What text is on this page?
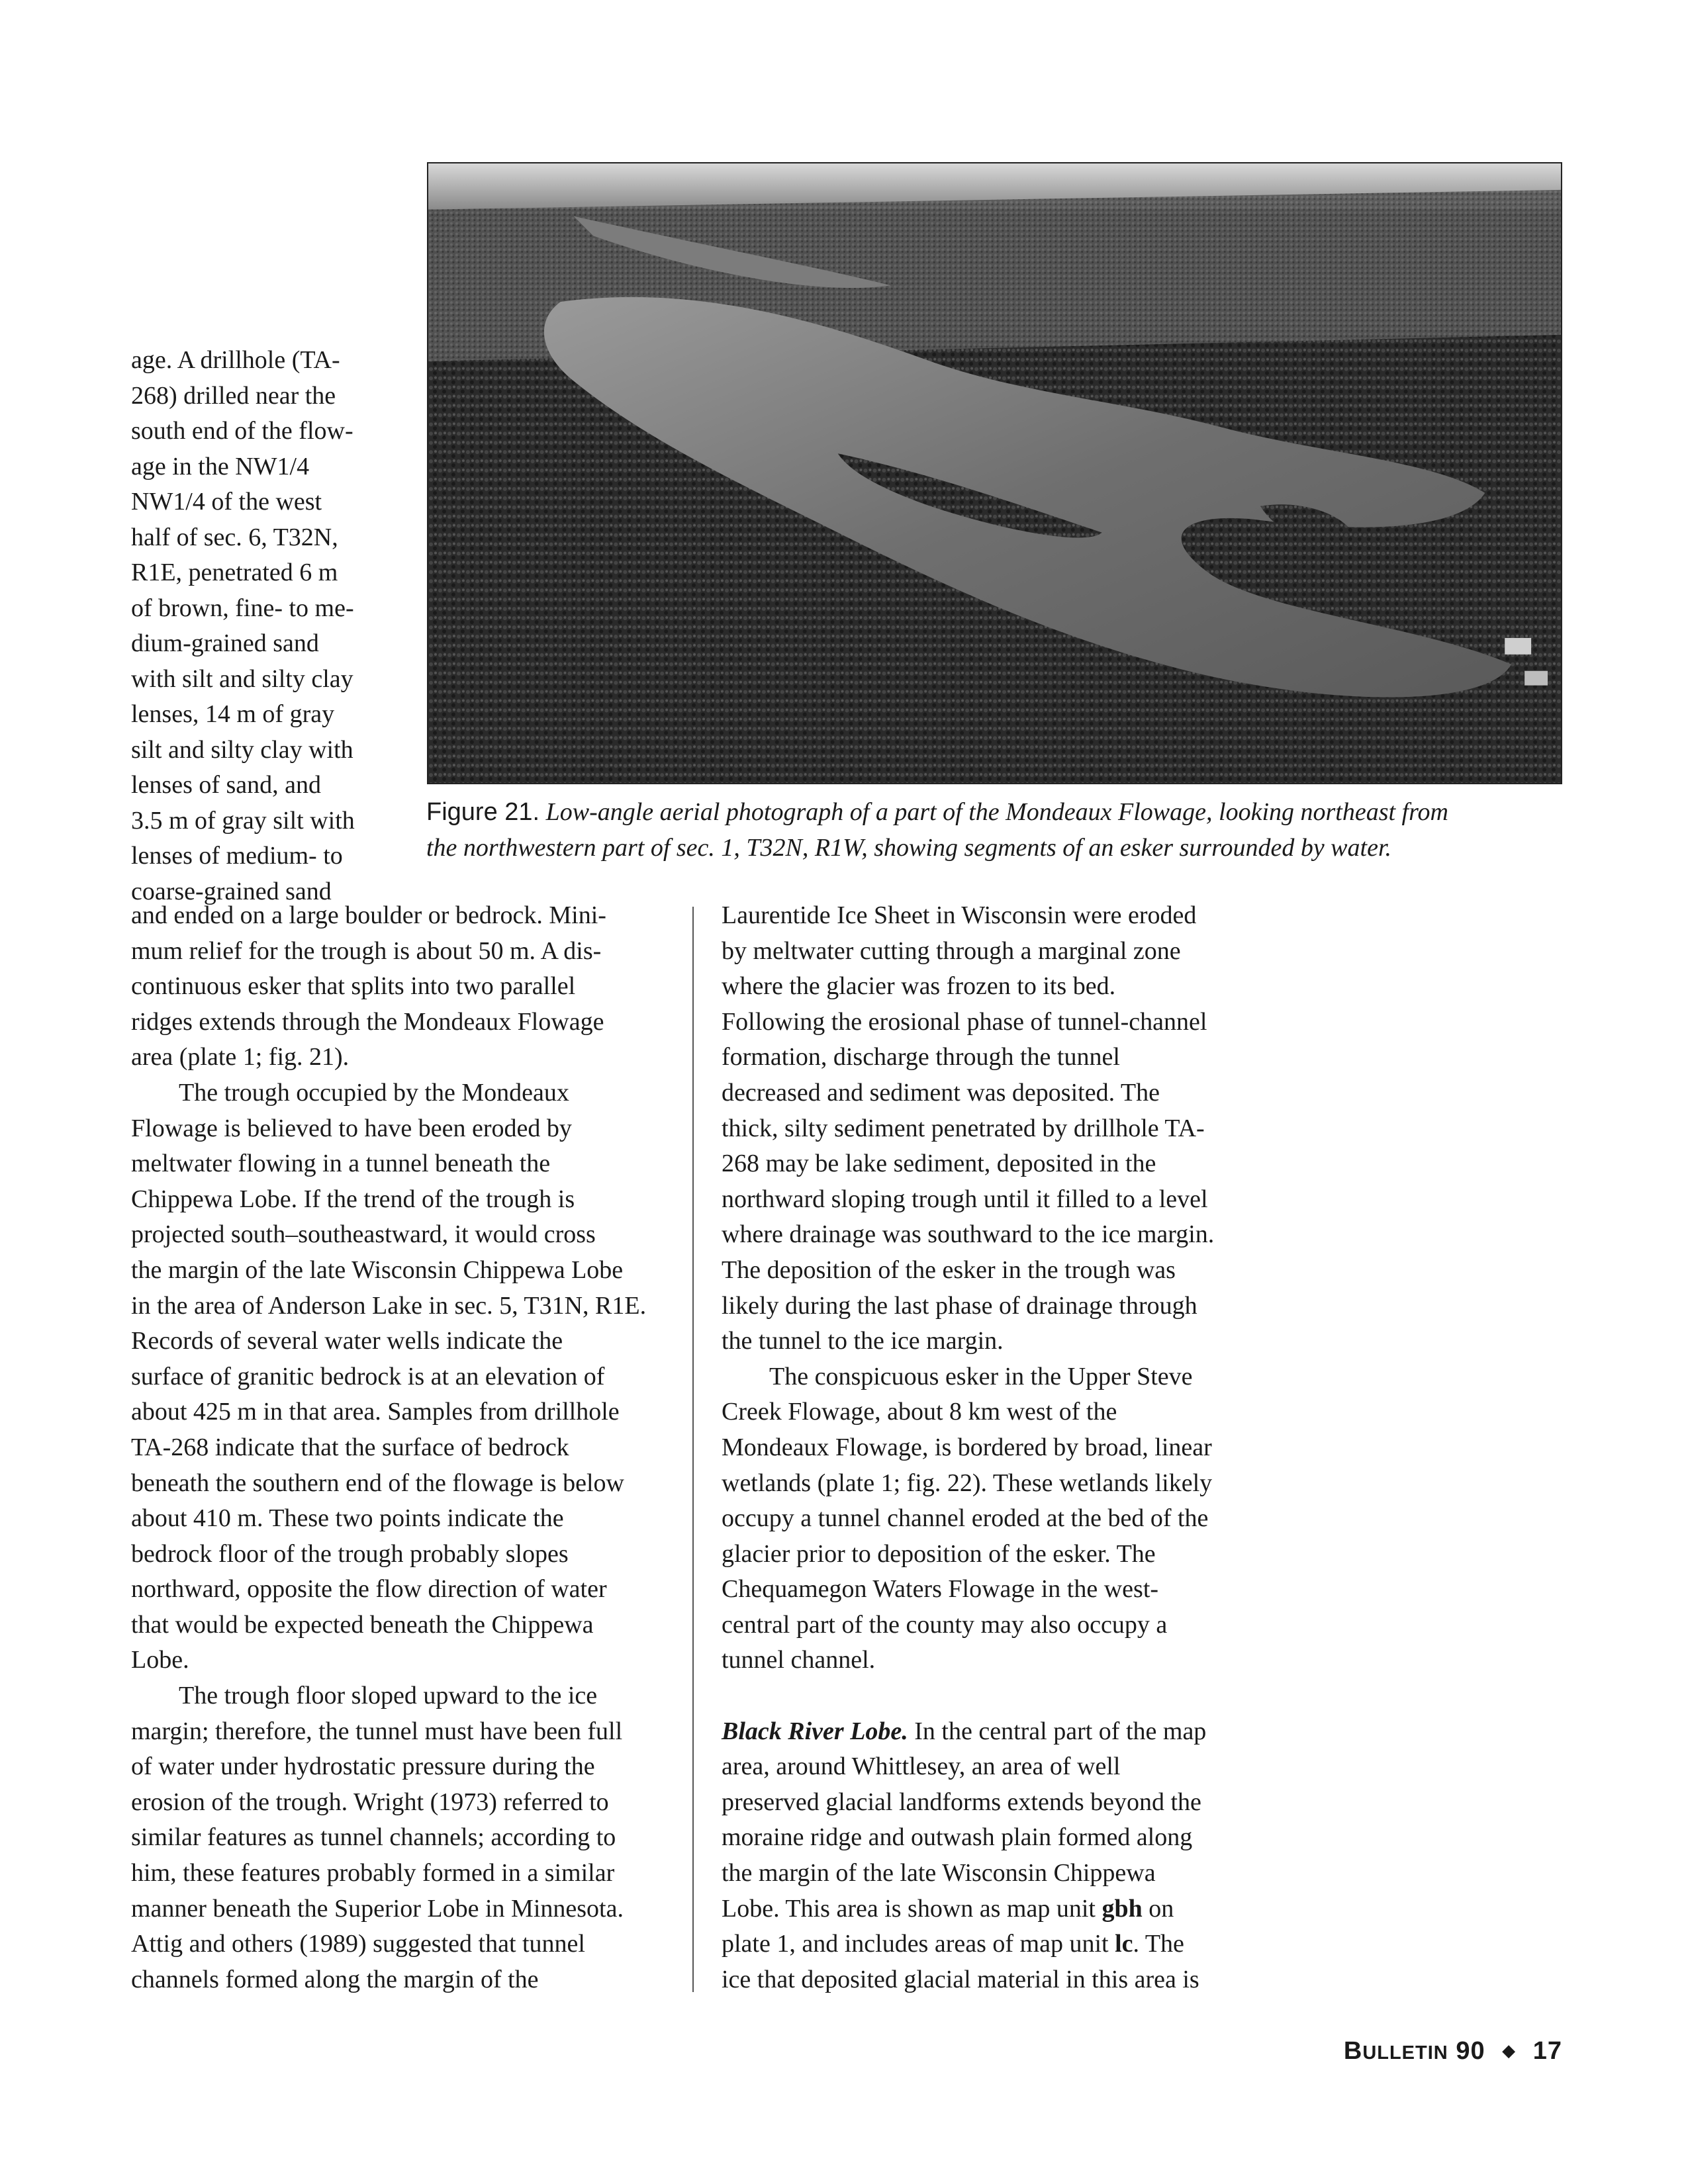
age. A drillhole (TA-
268) drilled near the
south end of the flow-
age in the NW1/4
NW1/4 of the west
half of sec. 6, T32N,
R1E, penetrated 6 m
of brown, fine- to me-
dium-grained sand
with silt and silty clay
lenses, 14 m of gray
silt and silty clay with
lenses of sand, and
3.5 m of gray silt with
lenses of medium- to
coarse-grained sand
Figure 21. Low-angle aerial photograph of a part of the Mondeaux Flowage, looking northeast from
the northwestern part of sec. 1, T32N, R1W, showing segments of an esker surrounded by water.
and ended on a large boulder or bedrock. Mini-
mum relief for the trough is about 50 m. A dis-
continuous esker that splits into two parallel
ridges extends through the Mondeaux Flowage
area (plate 1; fig. 21).
The trough occupied by the Mondeaux
Flowage is believed to have been eroded by
meltwater flowing in a tunnel beneath the
Chippewa Lobe. If the trend of the trough is
projected south–southeastward, it would cross
the margin of the late Wisconsin Chippewa Lobe
in the area of Anderson Lake in sec. 5, T31N, R1E.
Records of several water wells indicate the
surface of granitic bedrock is at an elevation of
about 425 m in that area. Samples from drillhole
TA-268 indicate that the surface of bedrock
beneath the southern end of the flowage is below
about 410 m. These two points indicate the
bedrock floor of the trough probably slopes
northward, opposite the flow direction of water
that would be expected beneath the Chippewa
Lobe.
The trough floor sloped upward to the ice
margin; therefore, the tunnel must have been full
of water under hydrostatic pressure during the
erosion of the trough. Wright (1973) referred to
similar features as tunnel channels; according to
him, these features probably formed in a similar
manner beneath the Superior Lobe in Minnesota.
Attig and others (1989) suggested that tunnel
channels formed along the margin of the
Laurentide Ice Sheet in Wisconsin were eroded
by meltwater cutting through a marginal zone
where the glacier was frozen to its bed.
Following the erosional phase of tunnel-channel
formation, discharge through the tunnel
decreased and sediment was deposited. The
thick, silty sediment penetrated by drillhole TA-
268 may be lake sediment, deposited in the
northward sloping trough until it filled to a level
where drainage was southward to the ice margin.
The deposition of the esker in the trough was
likely during the last phase of drainage through
the tunnel to the ice margin.
The conspicuous esker in the Upper Steve
Creek Flowage, about 8 km west of the
Mondeaux Flowage, is bordered by broad, linear
wetlands (plate 1; fig. 22). These wetlands likely
occupy a tunnel channel eroded at the bed of the
glacier prior to deposition of the esker. The
Chequamegon Waters Flowage in the west-
central part of the county may also occupy a
tunnel channel.

Black River Lobe. In the central part of the map
area, around Whittlesey, an area of well
preserved glacial landforms extends beyond the
moraine ridge and outwash plain formed along
the margin of the late Wisconsin Chippewa
Lobe. This area is shown as map unit gbh on
plate 1, and includes areas of map unit lc. The
ice that deposited glacial material in this area is
BULLETIN 90 ◆ 17
